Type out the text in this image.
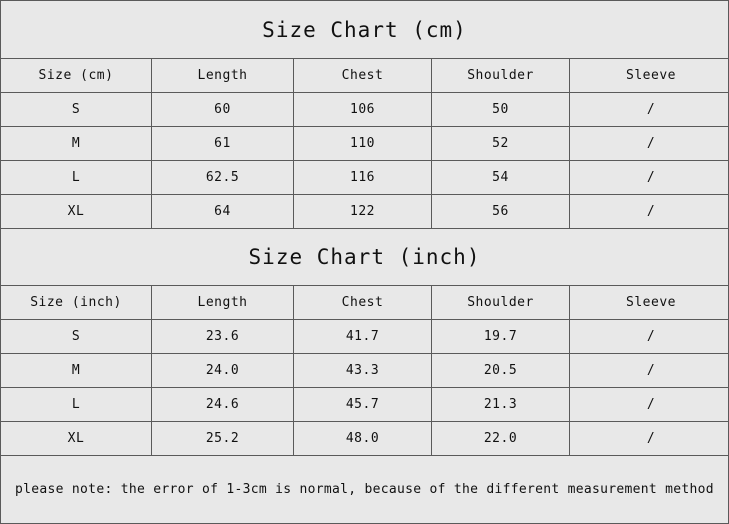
Size Chart (cm)
Size (cm)	Length	Chest	Shoulder	Sleeve
S	60	106	50	/
M	61	110	52	/
L	62.5	116	54	/
XL	64	122	56	/
Size Chart (inch)
Size (inch)	Length	Chest	Shoulder	Sleeve
S	23.6	41.7	19.7	/
M	24.0	43.3	20.5	/
L	24.6	45.7	21.3	/
XL	25.2	48.0	22.0	/
please note: the error of 1-3cm is normal, because of the different measurement method
